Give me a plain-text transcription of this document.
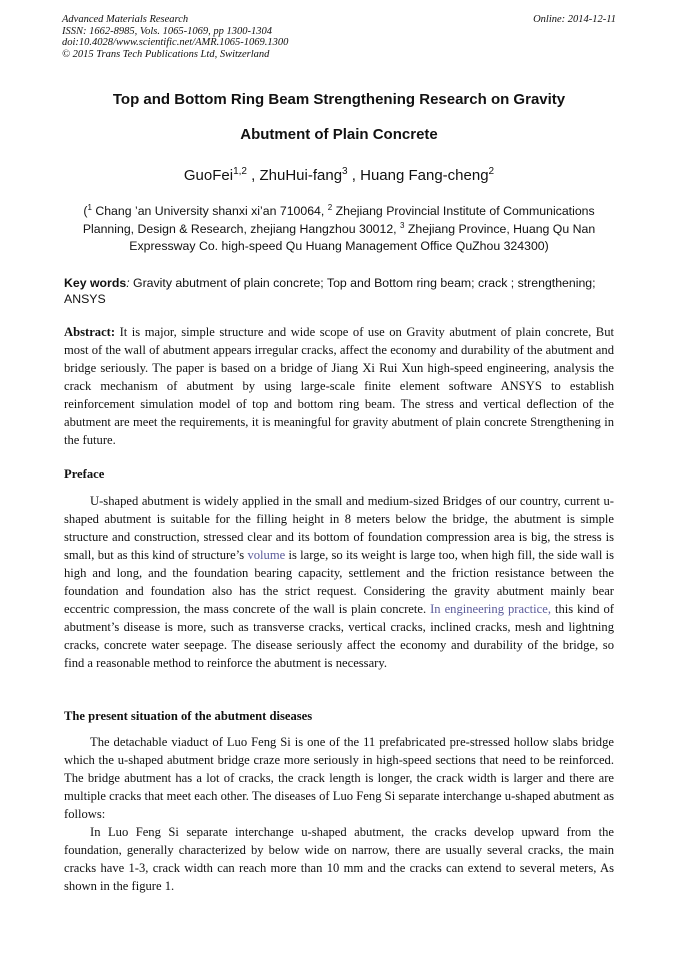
Advanced Materials Research
ISSN: 1662-8985, Vols. 1065-1069, pp 1300-1304
doi:10.4028/www.scientific.net/AMR.1065-1069.1300
© 2015 Trans Tech Publications Ltd, Switzerland
Online: 2014-12-11
Top and Bottom Ring Beam Strengthening Research on Gravity
Abutment of Plain Concrete
GuoFei$^{1,2}$ , ZhuHui-fang$^3$ , Huang Fang-cheng$^2$
($^1$ Chang ’an University shanxi xi’an 710064, $^2$ Zhejiang Provincial Institute of Communications
Planning, Design & Research, zhejiang Hangzhou 30012, $^3$ Zhejiang Province, Huang Qu Nan
Expressway Co. high-speed Qu Huang Management Office QuZhou 324300)
Key words: Gravity abutment of plain concrete; Top and Bottom ring beam; crack ; strengthening; ANSYS
Abstract: It is major, simple structure and wide scope of use on Gravity abutment of plain concrete, But most of the wall of abutment appears irregular cracks, affect the economy and durability of the abutment and bridge seriously. The paper is based on a bridge of Jiang Xi Rui Xun high-speed engineering, analysis the crack mechanism of abutment by using large-scale finite element software ANSYS to establish reinforcement simulation model of top and bottom ring beam. The stress and vertical deflection of the abutment are meet the requirements, it is meaningful for gravity abutment of plain concrete Strengthening in the future.
Preface

U-shaped abutment is widely applied in the small and medium-sized Bridges of our country, current u-shaped abutment is suitable for the filling height in 8 meters below the bridge, the abutment is simple structure and construction, stressed clear and its bottom of foundation compression area is big, the stress is small, but as this kind of structure’s volume is large, so its weight is large too, when high fill, the side wall is high and long, and the foundation bearing capacity, settlement and the friction resistance between the foundation and foundation also has the strict request. Considering the gravity abutment mainly bear eccentric compression, the mass concrete of the wall is plain concrete. In engineering practice, this kind of abutment’s disease is more, such as transverse cracks, vertical cracks, inclined cracks, mesh and lightning cracks, concrete water seepage. The disease seriously affect the economy and durability of the bridge, so find a reasonable method to reinforce the abutment is necessary.

The present situation of the abutment diseases

The detachable viaduct of Luo Feng Si is one of the 11 prefabricated pre-stressed hollow slabs bridge which the u-shaped abutment bridge craze more seriously in high-speed sections that need to be reinforced. The bridge abutment has a lot of cracks, the crack length is longer, the crack width is larger and there are multiple cracks that meet each other. The diseases of Luo Feng Si separate interchange u-shaped abutment as follows:

In Luo Feng Si separate interchange u-shaped abutment, the cracks develop upward from the foundation, generally characterized by below wide on narrow, there are usually several cracks, the main cracks have 1-3, crack width can reach more than 10 mm and the cracks can extend to several meters, As shown in the figure 1.
